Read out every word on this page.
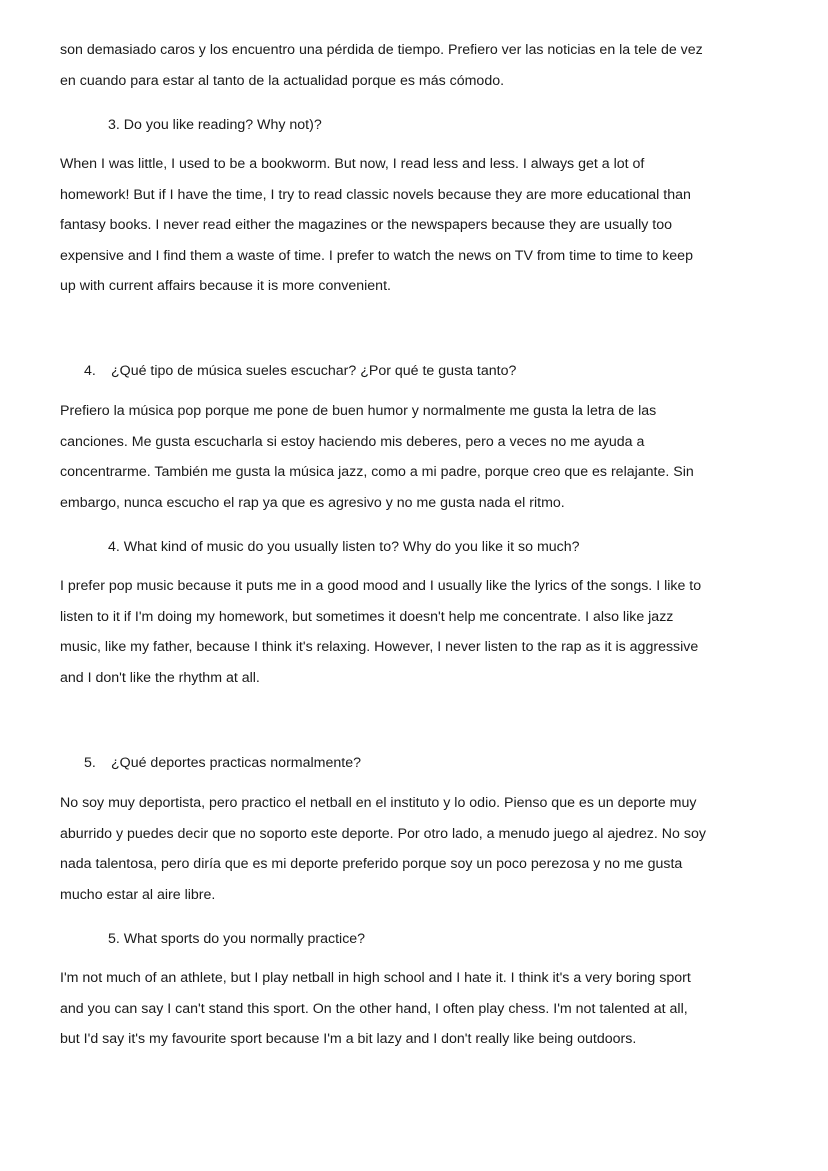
son demasiado caros y los encuentro una pérdida de tiempo. Prefiero ver las noticias en la tele de vez
en cuando para estar al tanto de la actualidad porque es más cómodo.
3. Do you like reading? Why not)?
When I was little, I used to be a bookworm. But now, I read less and less. I always get a lot of
homework! But if I have the time, I try to read classic novels because they are more educational than
fantasy books. I never read either the magazines or the newspapers because they are usually too
expensive and I find them a waste of time. I prefer to watch the news on TV from time to time to keep
up with current affairs because it is more convenient.
4. ¿Qué tipo de música sueles escuchar? ¿Por qué te gusta tanto?
Prefiero la música pop porque me pone de buen humor y normalmente me gusta la letra de las
canciones. Me gusta escucharla si estoy haciendo mis deberes, pero a veces no me ayuda a
concentrarme. También me gusta la música jazz, como a mi padre, porque creo que es relajante. Sin
embargo, nunca escucho el rap ya que es agresivo y no me gusta nada el ritmo.
4. What kind of music do you usually listen to? Why do you like it so much?
I prefer pop music because it puts me in a good mood and I usually like the lyrics of the songs. I like to
listen to it if I'm doing my homework, but sometimes it doesn't help me concentrate. I also like jazz
music, like my father, because I think it's relaxing. However, I never listen to the rap as it is aggressive
and I don't like the rhythm at all.
5. ¿Qué deportes practicas normalmente?
No soy muy deportista, pero practico el netball en el instituto y lo odio. Pienso que es un deporte muy
aburrido y puedes decir que no soporto este deporte. Por otro lado, a menudo juego al ajedrez. No soy
nada talentosa, pero diría que es mi deporte preferido porque soy un poco perezosa y no me gusta
mucho estar al aire libre.
5. What sports do you normally practice?
I'm not much of an athlete, but I play netball in high school and I hate it. I think it's a very boring sport
and you can say I can't stand this sport. On the other hand, I often play chess. I'm not talented at all,
but I'd say it's my favourite sport because I'm a bit lazy and I don't really like being outdoors.
